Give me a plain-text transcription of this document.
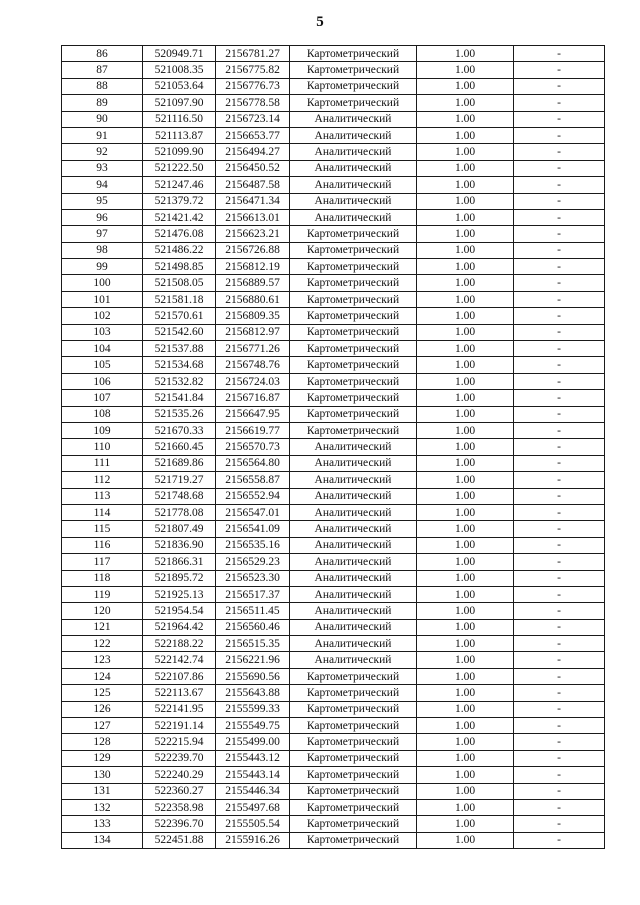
5
86	520949.71	2156781.27	Картометрический	1.00	-
87	521008.35	2156775.82	Картометрический	1.00	-
88	521053.64	2156776.73	Картометрический	1.00	-
89	521097.90	2156778.58	Картометрический	1.00	-
90	521116.50	2156723.14	Аналитический	1.00	-
91	521113.87	2156653.77	Аналитический	1.00	-
92	521099.90	2156494.27	Аналитический	1.00	-
93	521222.50	2156450.52	Аналитический	1.00	-
94	521247.46	2156487.58	Аналитический	1.00	-
95	521379.72	2156471.34	Аналитический	1.00	-
96	521421.42	2156613.01	Аналитический	1.00	-
97	521476.08	2156623.21	Картометрический	1.00	-
98	521486.22	2156726.88	Картометрический	1.00	-
99	521498.85	2156812.19	Картометрический	1.00	-
100	521508.05	2156889.57	Картометрический	1.00	-
101	521581.18	2156880.61	Картометрический	1.00	-
102	521570.61	2156809.35	Картометрический	1.00	-
103	521542.60	2156812.97	Картометрический	1.00	-
104	521537.88	2156771.26	Картометрический	1.00	-
105	521534.68	2156748.76	Картометрический	1.00	-
106	521532.82	2156724.03	Картометрический	1.00	-
107	521541.84	2156716.87	Картометрический	1.00	-
108	521535.26	2156647.95	Картометрический	1.00	-
109	521670.33	2156619.77	Картометрический	1.00	-
110	521660.45	2156570.73	Аналитический	1.00	-
111	521689.86	2156564.80	Аналитический	1.00	-
112	521719.27	2156558.87	Аналитический	1.00	-
113	521748.68	2156552.94	Аналитический	1.00	-
114	521778.08	2156547.01	Аналитический	1.00	-
115	521807.49	2156541.09	Аналитический	1.00	-
116	521836.90	2156535.16	Аналитический	1.00	-
117	521866.31	2156529.23	Аналитический	1.00	-
118	521895.72	2156523.30	Аналитический	1.00	-
119	521925.13	2156517.37	Аналитический	1.00	-
120	521954.54	2156511.45	Аналитический	1.00	-
121	521964.42	2156560.46	Аналитический	1.00	-
122	522188.22	2156515.35	Аналитический	1.00	-
123	522142.74	2156221.96	Аналитический	1.00	-
124	522107.86	2155690.56	Картометрический	1.00	-
125	522113.67	2155643.88	Картометрический	1.00	-
126	522141.95	2155599.33	Картометрический	1.00	-
127	522191.14	2155549.75	Картометрический	1.00	-
128	522215.94	2155499.00	Картометрический	1.00	-
129	522239.70	2155443.12	Картометрический	1.00	-
130	522240.29	2155443.14	Картометрический	1.00	-
131	522360.27	2155446.34	Картометрический	1.00	-
132	522358.98	2155497.68	Картометрический	1.00	-
133	522396.70	2155505.54	Картометрический	1.00	-
134	522451.88	2155916.26	Картометрический	1.00	-
